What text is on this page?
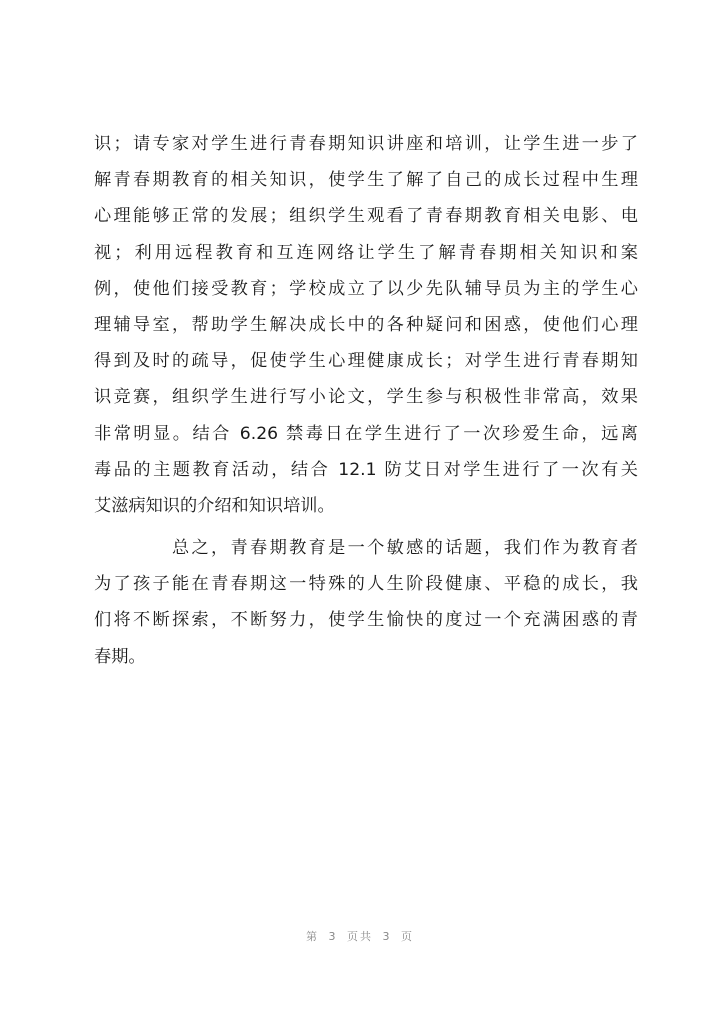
识；请专家对学生进行青春期知识讲座和培训，让学生进一步了
解青春期教育的相关知识，使学生了解了自己的成长过程中生理
心理能够正常的发展；组织学生观看了青春期教育相关电影、电
视；利用远程教育和互连网络让学生了解青春期相关知识和案
例，使他们接受教育；学校成立了以少先队辅导员为主的学生心
理辅导室，帮助学生解决成长中的各种疑问和困惑，使他们心理
得到及时的疏导，促使学生心理健康成长；对学生进行青春期知
识竞赛，组织学生进行写小论文，学生参与积极性非常高，效果
非常明显。结合 6.26 禁毒日在学生进行了一次珍爱生命，远离
毒品的主题教育活动，结合 12.1 防艾日对学生进行了一次有关
艾滋病知识的介绍和知识培训。
总之，青春期教育是一个敏感的话题，我们作为教育者
为了孩子能在青春期这一特殊的人生阶段健康、平稳的成长，我
们将不断探索，不断努力，使学生愉快的度过一个充满困惑的青
春期。
第 3 页共 3 页
